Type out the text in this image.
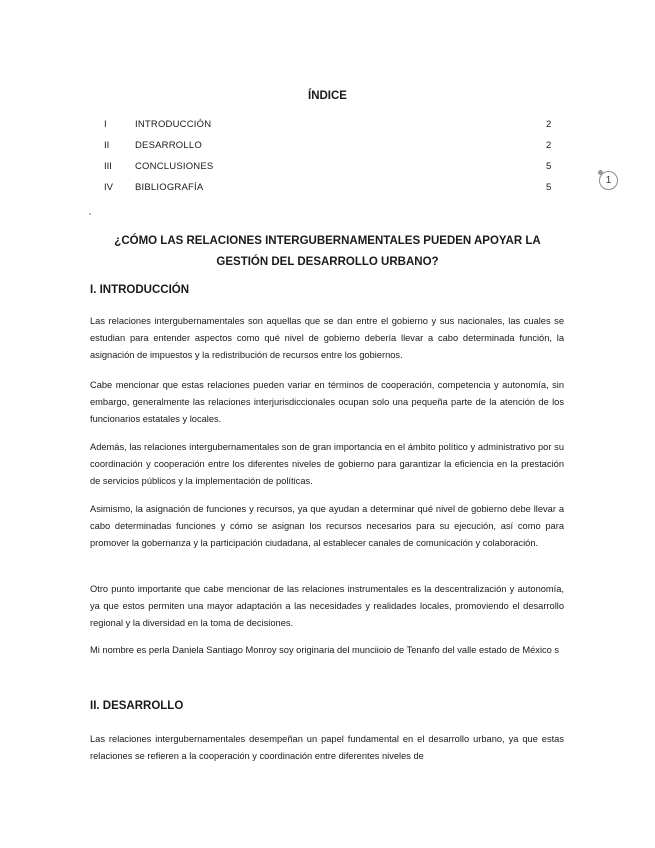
ÍNDICE
I	INTRODUCCIÓN	2
II	DESARROLLO	2
III CONCLUSIONES	5
IV BIBLIOGRAFÍA	5
1
¿CÓMO LAS RELACIONES INTERGUBERNAMENTALES PUEDEN APOYAR LA GESTIÓN DEL DESARROLLO URBANO?
I. INTRODUCCIÓN
Las relaciones intergubernamentales son aquellas que se dan entre el gobierno y sus nacionales, las cuales se estudian para entender aspectos como qué nivel de gobierno debería llevar a cabo determinada función, la asignación de impuestos y la redistribución de recursos entre los gobiernos.
Cabe mencionar que estas relaciones pueden variar en términos de cooperación, competencia y autonomía, sin embargo, generalmente las relaciones interjurisdiccionales ocupan solo una pequeña parte de la atención de los funcionarios estatales y locales.
Además, las relaciones intergubernamentales son de gran importancia en el ámbito político y administrativo por su coordinación y cooperación entre los diferentes niveles de gobierno para garantizar la eficiencia en la prestación de servicios públicos y la implementación de políticas.
Asimismo, la asignación de funciones y recursos, ya que ayudan a determinar qué nivel de gobierno debe llevar a cabo determinadas funciones y cómo se asignan los recursos necesarios para su ejecución, así como para promover la gobernanza y la participación ciudadana, al establecer canales de comunicación y colaboración.
Otro punto importante que cabe mencionar de las relaciones instrumentales es la descentralización y autonomía, ya que estos permiten una mayor adaptación a las necesidades y realidades locales, promoviendo el desarrollo regional y la diversidad en la toma de decisiones.
Mi nombre es perla Daniela Santiago Monroy soy originaria del munciioio de Tenanfo del valle estado de México s
II. DESARROLLO
Las relaciones intergubernamentales desempeñan un papel fundamental en el desarrollo urbano, ya que estas relaciones se refieren a la cooperación y coordinación entre diferentes niveles de
